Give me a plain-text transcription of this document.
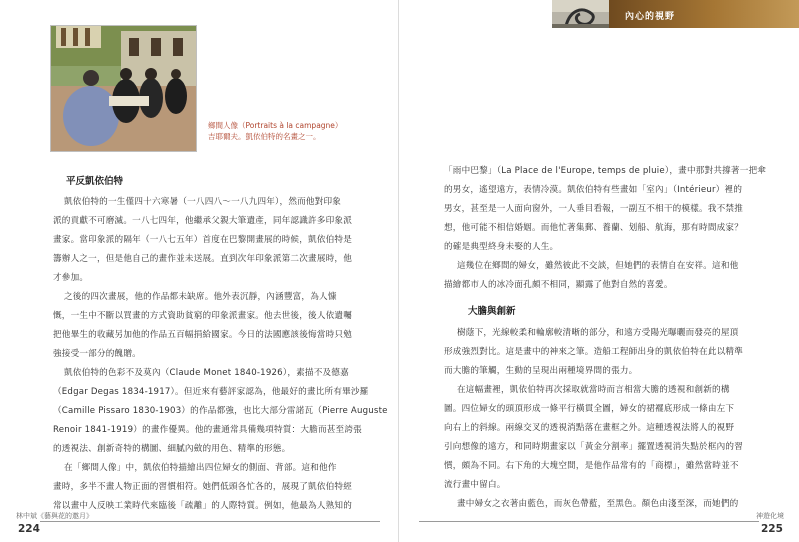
鄉間人像（Portraits à la campagne）
吉耶爾夫。凱依伯特的名畫之一。
平反凱依伯特
凱依伯特的一生僅四十六寒暑（一八四八～一八九四年），然而他對印象
派的貢獻不可磨滅。一八七四年，他繼承父親大筆遺產，同年認識許多印象派
畫家。當印象派的隔年（一八七五年）首度在巴黎開畫展的時候，凱依伯特是
籌辦人之一，但是他自己的畫作並未送展。直到次年印象派第二次畫展時，他
才參加。
之後的四次畫展，他的作品都未缺席。他外表沉靜，內涵豐富，為人慷
慨，一生中不斷以買畫的方式資助貧窮的印象派畫家。他去世後，後人依遺囑
把他畢生的收藏另加他的作品五百幅捐給國家。今日的法國應該後悔當時只勉
強接受一部分的餽贈。
凱依伯特的色彩不及莫內（Claude Monet 1840-1926），素描不及德嘉
（Edgar Degas 1834-1917）。但近來有藝評家認為，他最好的畫比所有畢沙羅
（Camille Pissaro 1830-1903）的作品都強，也比大部分雷諾瓦（Pierre Auguste
Renoir 1841-1919）的畫作優異。他的畫通常具備幾項特質：大膽而甚至誇張
的透視法、創新奇特的構圖、細膩內斂的用色、精準的形態。
在「鄉間人像」中，凱依伯特描繪出四位婦女的側面、背部。這和他作
畫時，多半不畫人物正面的習慣相符。她們低頭各忙各的，展現了凱依伯特經
常以畫中人反映工業時代來臨後「疏離」的人際特質。例如，他最為人熟知的
林中斌《藝與花的邀月》
224
內心的視野
「雨中巴黎」（La Place de l'Europe, temps de pluie），畫中那對共撐著一把傘
的男女，遙望遠方，表情冷漠。凱依伯特有些畫如「室內」（Intérieur）裡的
男女，甚至是一人面向窗外，一人垂目看報，一副互不相干的模樣。我不禁推
想，他可能不相信婚姻。而他忙著集郵、養蘭、划船、航海，那有時間成家？
的確是典型終身未娶的人生。
這幾位在鄉間的婦女，雖然彼此不交談，但她們的表情自在安祥。這和他
描繪都市人的冰冷面孔頗不相同，顯露了他對自然的喜愛。
大膽與創新
樹蔭下，光線較柔和輪廓較清晰的部分，和遠方受陽光曝曬而發亮的屋頂
形成強烈對比。這是畫中的神來之筆。造船工程師出身的凱依伯特在此以精準
而大膽的筆觸，生動的呈現出兩種境界間的張力。
在這幅畫裡，凱依伯特再次採取就當時而言相當大膽的透視和創新的構
圖。四位婦女的頭頂形成一條平行橫貫全圖，婦女的裙襬底形成一條由左下
向右上的斜線。兩線交叉的透視消點落在畫框之外。這種透視法將人的視野
引向想像的遠方，和同時期畫家以「黃金分割率」擺置透視消失點於框內的習
慣，頗為不同。右下角的大塊空間，是他作品常有的「商標」，雖然當時並不
流行畫中留白。
畫中婦女之衣著由藍色，而灰色帶藍，至黑色。顏色由淺至深，而她們的
神遊化境
225
